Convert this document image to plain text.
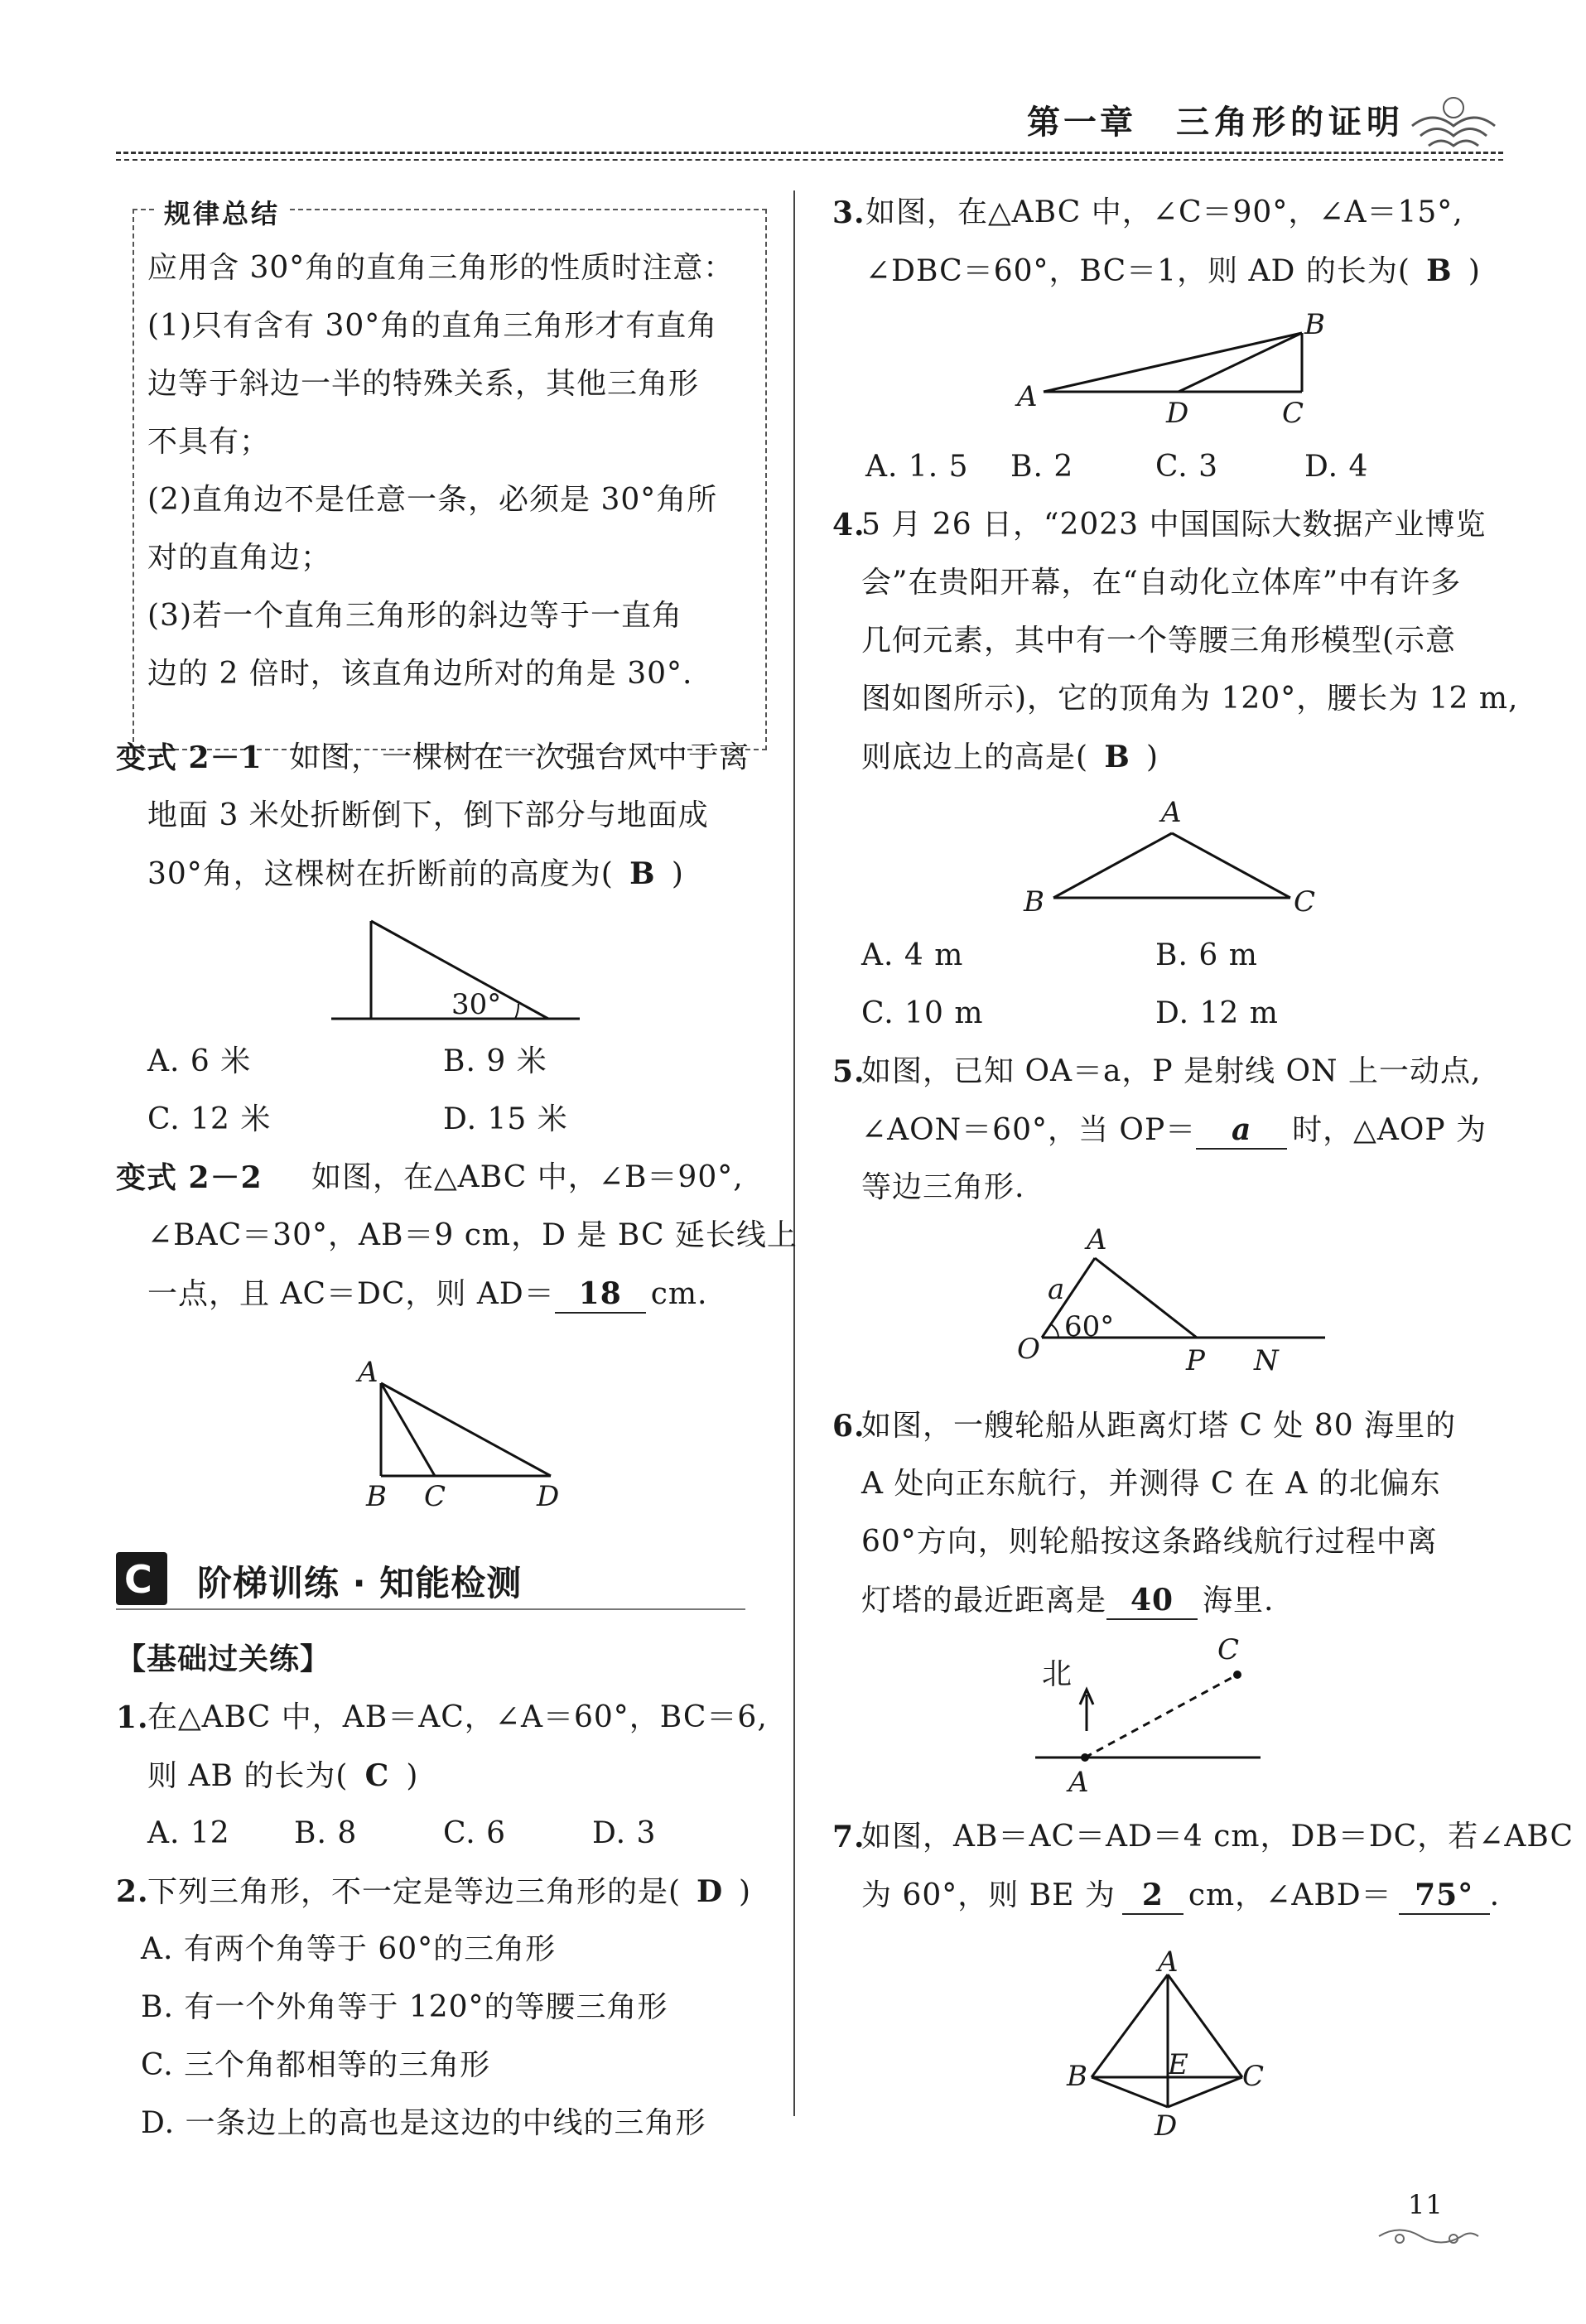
第一章 三角形的证明
规律总结
应用含 30°角的直角三角形的性质时注意：
(1)只有含有 30°角的直角三角形才有直角
边等于斜边一半的特殊关系，其他三角形
不具有；
(2)直角边不是任意一条，必须是 30°角所
对的直角边；
(3)若一个直角三角形的斜边等于一直角
边的 2 倍时，该直角边所对的角是 30°.
变式 2－1 如图，一棵树在一次强台风中于离
地面 3 米处折断倒下，倒下部分与地面成
30°角，这棵树在折断前的高度为( B )
30°
A. 6 米	B. 9 米
C. 12 米	D. 15 米
变式 2－2 如图，在△ABC 中，∠B＝90°,
∠BAC＝30°，AB＝9 cm，D 是 BC 延长线上
一点，且 AC＝DC，则 AD＝ 18 cm.
A
B C	D
C 阶梯训练 · 知能检测
【基础过关练】
1.
在△ABC 中，AB＝AC，∠A＝60°，BC＝6,
则 AB 的长为( C )
A. 12 B. 8	C. 6	D. 3
2.
下列三角形，不一定是等边三角形的是( D )
A. 有两个角等于 60°的三角形
B. 有一个外角等于 120°的等腰三角形
C. 三个角都相等的三角形
D. 一条边上的高也是这边的中线的三角形
3. 如图，在△ABC 中，∠C＝90°，∠A＝15°,
∠DBC＝60°，BC＝1，则 AD 的长为( B )
A
B
C
D
A. 1. 5 B. 2	C. 3	D. 4
4.
5 月 26 日，“2023 中国国际大数据产业博览
会”在贵阳开幕，在“自动化立体库”中有许多
几何元素，其中有一个等腰三角形模型(示意
图如图所示)，它的顶角为 120°，腰长为 12 m,
则底边上的高是( B )
A
B	C
A. 4 m	B. 6 m
C. 10 m	D. 12 m
5.
如图，已知 OA＝a，P 是射线 ON 上一动点,
∠AON＝60°，当 OP＝ a 时，△AOP 为
等边三角形.
A
a
60°
O	P N
6.
如图，一艘轮船从距离灯塔 C 处 80 海里的
A 处向正东航行，并测得 C 在 A 的北偏东
60°方向，则轮船按这条路线航行过程中离
灯塔的最近距离是 40 海里.
北
C
A
7.
如图，AB＝AC＝AD＝4 cm，DB＝DC，若∠ABC
为 60°，则 BE 为 2 cm，∠ABD＝ 75° .
A
B	C
D
E
11
